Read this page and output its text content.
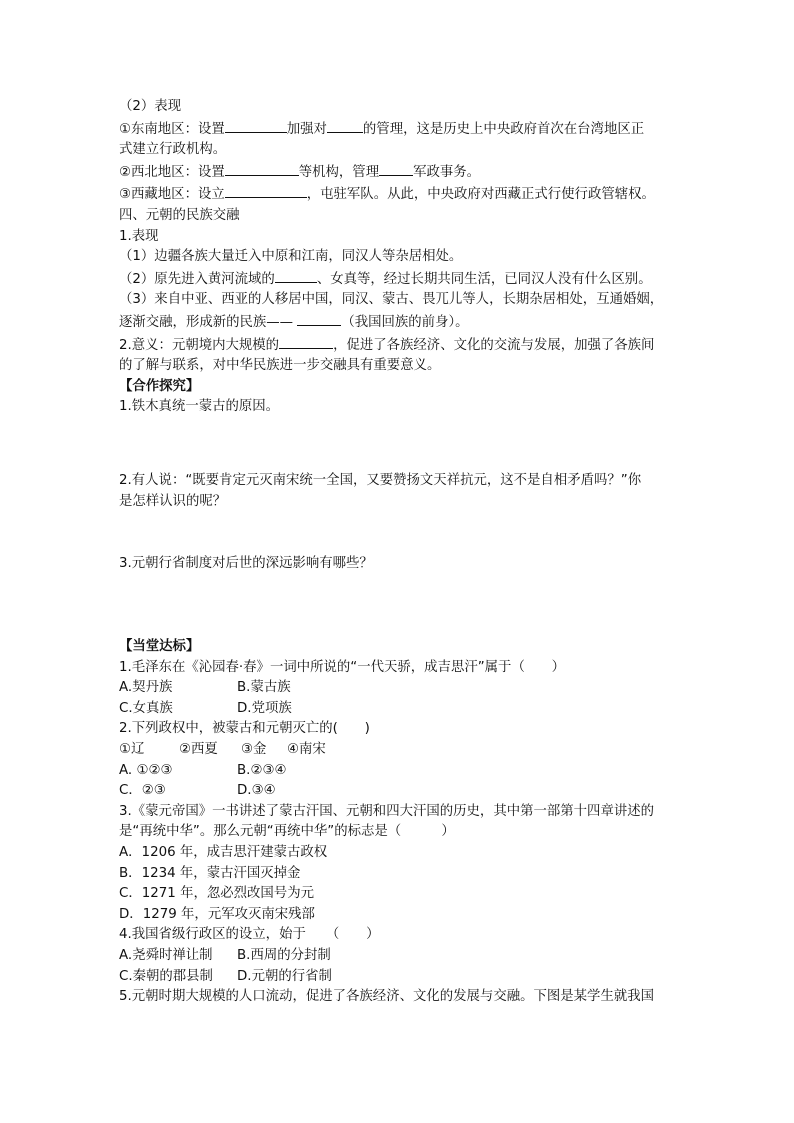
（2）表现
①东南地区：设置	加强对	的管理，这是历史上中央政府首次在台湾地区正
式建立行政机构。
②西北地区：设置	等机构，管理	军政事务。
③西藏地区：设立	，屯驻军队。从此，中央政府对西藏正式行使行政管辖权。
四、元朝的民族交融
1.表现
（1）边疆各族大量迁入中原和江南，同汉人等杂居相处。
（2）原先进入黄河流域的	、女真等，经过长期共同生活，已同汉人没有什么区别。
（3）来自中亚、西亚的人移居中国，同汉、蒙古、畏兀儿等人，长期杂居相处，互通婚姻，
逐渐交融，形成新的民族——	（我国回族的前身）。
2.意义：元朝境内大规模的	，促进了各族经济、文化的交流与发展，加强了各族间
的了解与联系，对中华民族进一步交融具有重要意义。
【合作探究】
1.铁木真统一蒙古的原因。
2.有人说：“既要肯定元灭南宋统一全国，又要赞扬文天祥抗元，这不是自相矛盾吗？”你
是怎样认识的呢？
3.元朝行省制度对后世的深远影响有哪些？
【当堂达标】
1.毛泽东在《沁园春·春》一词中所说的“一代天骄，成吉思汗”属于（　　）
A.契丹族	B.蒙古族
C.女真族	D.党项族
2.下列政权中，被蒙古和元朝灭亡的(　　)
①辽	②西夏 ③金 ④南宋
A. ①②③	B.②③④
C．②③	D.③④
3.《蒙元帝国》一书讲述了蒙古汗国、元朝和四大汗国的历史，其中第一部第十四章讲述的
是“再统中华”。那么元朝“再统中华”的标志是（　　　）
A．1206 年，成吉思汗建蒙古政权
B．1234 年，蒙古汗国灭掉金
C．1271 年，忽必烈改国号为元
D．1279 年，元军攻灭南宋残部
4.我国省级行政区的设立，始于　　（　　）
A.尧舜时禅让制	B.西周的分封制
C.秦朝的郡县制	D.元朝的行省制
5.元朝时期大规模的人口流动，促进了各族经济、文化的发展与交融。下图是某学生就我国
